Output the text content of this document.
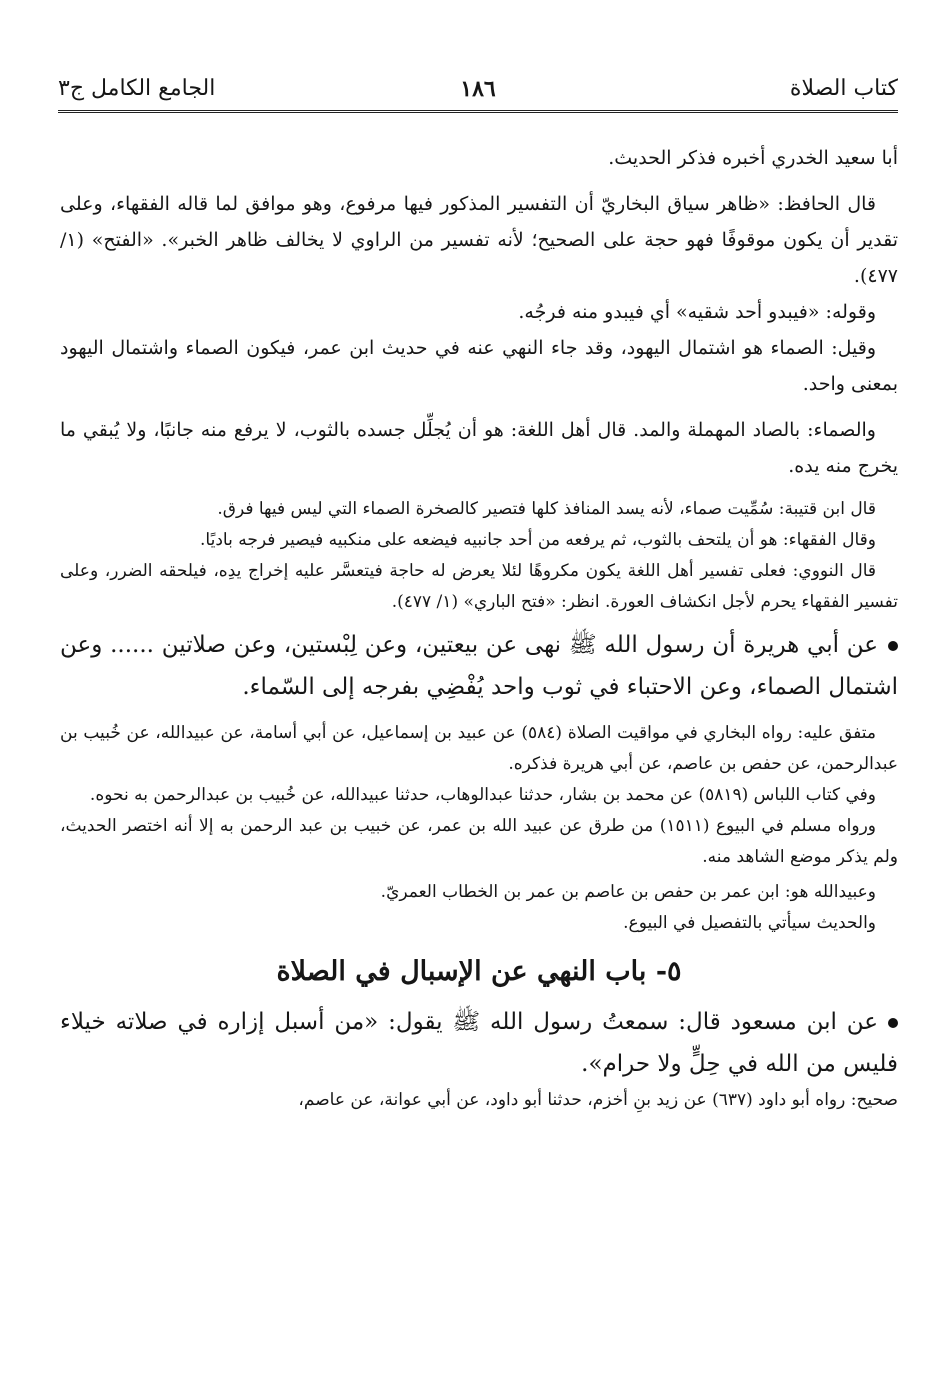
كتاب الصلاة
١٨٦
الجامع الكامل ج٣

أبا سعيد الخدري أخبره فذكر الحديث.

قال الحافظ: «ظاهر سياق البخاريّ أن التفسير المذكور فيها مرفوع، وهو موافق لما قاله الفقهاء، وعلى تقدير أن يكون موقوفًا فهو حجة على الصحيح؛ لأنه تفسير من الراوي لا يخالف ظاهر الخبر». «الفتح» (١/ ٤٧٧).

وقوله: «فيبدو أحد شقيه» أي فيبدو منه فرجُه.

وقيل: الصماء هو اشتمال اليهود، وقد جاء النهي عنه في حديث ابن عمر، فيكون الصماء واشتمال اليهود بمعنى واحد.

والصماء: بالصاد المهملة والمد. قال أهل اللغة: هو أن يُجلِّل جسده بالثوب، لا يرفع منه جانبًا، ولا يُبقي ما يخرج منه يده.

قال ابن قتيبة: سُمِّيت صماء، لأنه يسد المنافذ كلها فتصير كالصخرة الصماء التي ليس فيها فرق.

وقال الفقهاء: هو أن يلتحف بالثوب، ثم يرفعه من أحد جانبيه فيضعه على منكبيه فيصير فرجه باديًا.

قال النووي: فعلى تفسير أهل اللغة يكون مكروهًا لئلا يعرض له حاجة فيتعسَّر عليه إخراج يدِه، فيلحقه الضرر، وعلى تفسير الفقهاء يحرم لأجل انكشاف العورة. انظر: «فتح الباري» (١/ ٤٧٧).

عن أبي هريرة أن رسول الله ﷺ نهى عن بيعتين، وعن لِبْستين، وعن صلاتين ...... وعن اشتمال الصماء، وعن الاحتباء في ثوب واحد يُفْضِي بفرجه إلى السّماء.

متفق عليه: رواه البخاري في مواقيت الصلاة (٥٨٤) عن عبيد بن إسماعيل، عن أبي أسامة، عن عبيدالله، عن خُبيب بن عبدالرحمن، عن حفص بن عاصم، عن أبي هريرة فذكره.

وفي كتاب اللباس (٥٨١٩) عن محمد بن بشار، حدثنا عبدالوهاب، حدثنا عبيدالله، عن خُبيب بن عبدالرحمن به نحوه.

ورواه مسلم في البيوع (١٥١١) من طرق عن عبيد الله بن عمر، عن خبيب بن عبد الرحمن به إلا أنه اختصر الحديث، ولم يذكر موضع الشاهد منه.

وعبيدالله هو: ابن عمر بن حفص بن عاصم بن عمر بن الخطاب العمريّ.

والحديث سيأتي بالتفصيل في البيوع.

٥- باب النهي عن الإسبال في الصلاة

عن ابن مسعود قال: سمعتُ رسول الله ﷺ يقول: «من أسبل إزاره في صلاته خيلاء فليس من الله في حِلٍّ ولا حرام».

صحيح: رواه أبو داود (٦٣٧) عن زيد بنِ أخزم، حدثنا أبو داود، عن أبي عوانة، عن عاصم،
